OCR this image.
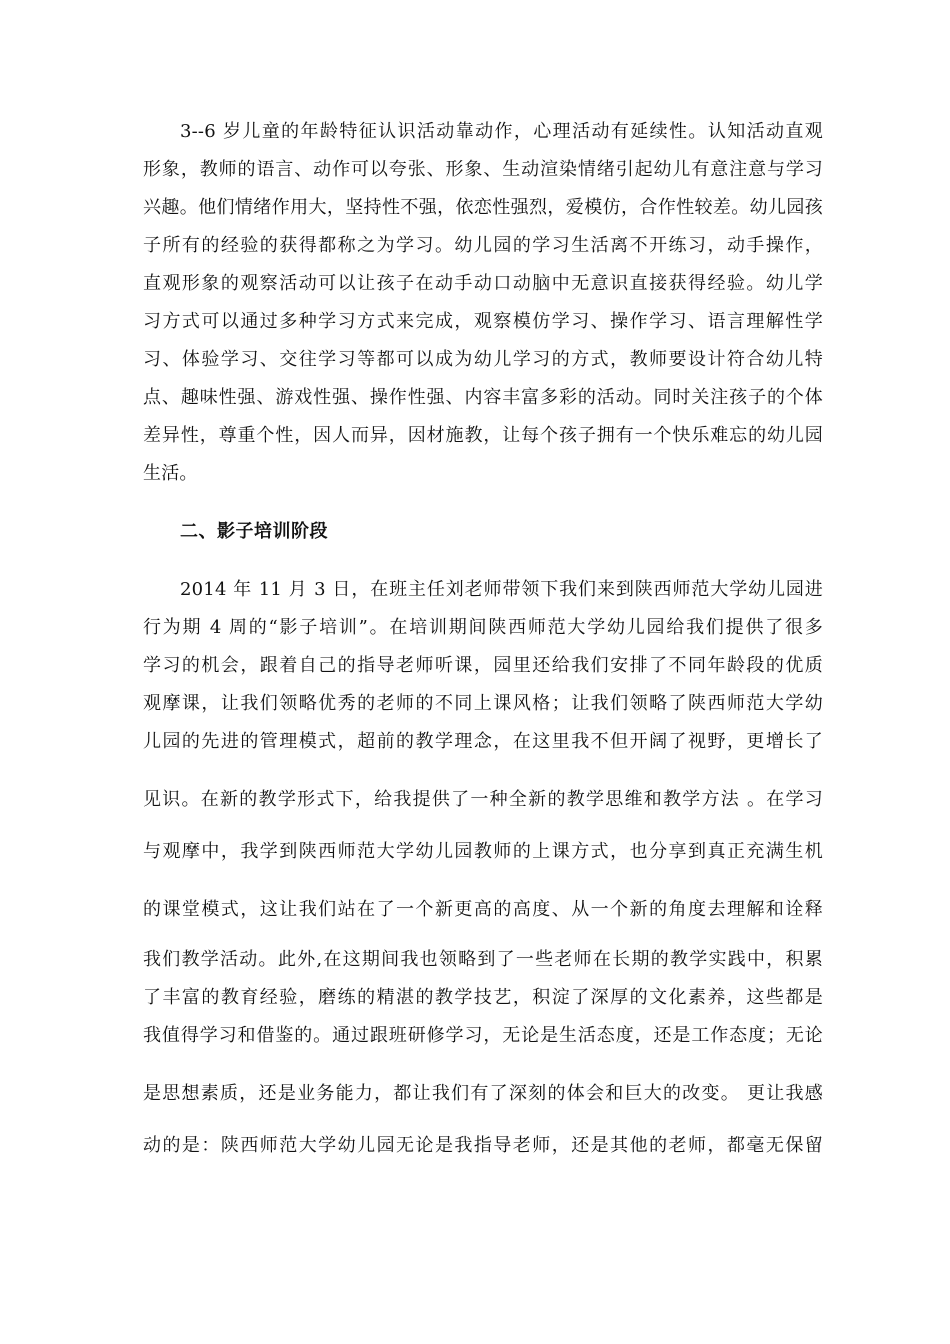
3--6 岁儿童的年龄特征认识活动靠动作，心理活动有延续性。认知活动直观
形象，教师的语言、动作可以夸张、形象、生动渲染情绪引起幼儿有意注意与学习
兴趣。他们情绪作用大，坚持性不强，依恋性强烈，爱模仿，合作性较差。幼儿园孩
子所有的经验的获得都称之为学习。幼儿园的学习生活离不开练习，动手操作，
直观形象的观察活动可以让孩子在动手动口动脑中无意识直接获得经验。幼儿学
习方式可以通过多种学习方式来完成，观察模仿学习、操作学习、语言理解性学
习、体验学习、交往学习等都可以成为幼儿学习的方式，教师要设计符合幼儿特
点、趣味性强、游戏性强、操作性强、内容丰富多彩的活动。同时关注孩子的个体
差异性，尊重个性，因人而异，因材施教，让每个孩子拥有一个快乐难忘的幼儿园
生活。
二、影子培训阶段
2014 年 11 月 3 日，在班主任刘老师带领下我们来到陕西师范大学幼儿园进
行为期 4 周的“影子培训”。在培训期间陕西师范大学幼儿园给我们提供了很多
学习的机会，跟着自己的指导老师听课，园里还给我们安排了不同年龄段的优质
观摩课，让我们领略优秀的老师的不同上课风格；让我们领略了陕西师范大学幼
儿园的先进的管理模式，超前的教学理念，在这里我不但开阔了视野，更增长了
见识。在新的教学形式下，给我提供了一种全新的教学思维和教学方法 。在学习
与观摩中，我学到陕西师范大学幼儿园教师的上课方式，也分享到真正充满生机
的课堂模式，这让我们站在了一个新更高的高度、从一个新的角度去理解和诠释
我们教学活动。此外,在这期间我也领略到了一些老师在长期的教学实践中，积累
了丰富的教育经验，磨练的精湛的教学技艺，积淀了深厚的文化素养，这些都是
我值得学习和借鉴的。通过跟班研修学习，无论是生活态度，还是工作态度；无论
是思想素质，还是业务能力，都让我们有了深刻的体会和巨大的改变。 更让我感
动的是：陕西师范大学幼儿园无论是我指导老师，还是其他的老师，都毫无保留
